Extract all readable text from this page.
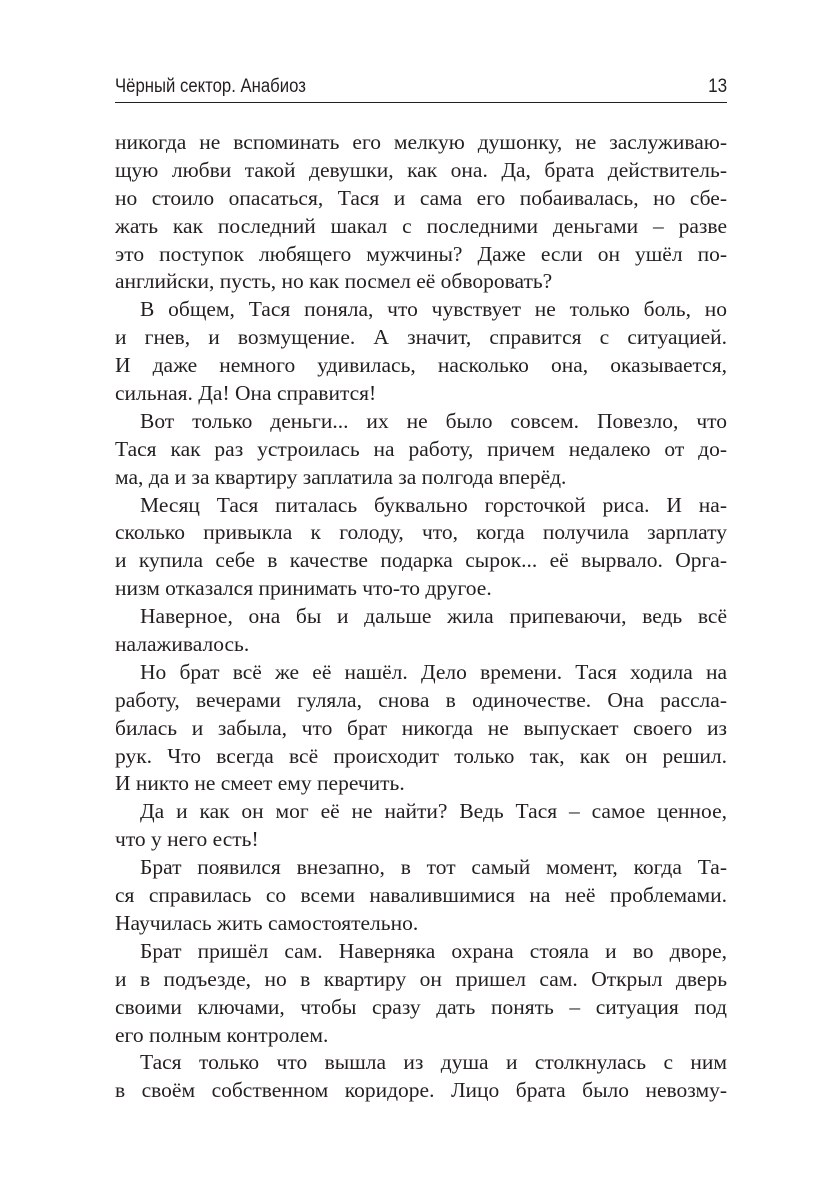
Чёрный сектор. Анабиоз	13
никогда не вспоминать его мелкую душонку, не заслуживаю-
щую любви такой девушки, как она. Да, брата действитель-
но стоило опасаться, Тася и сама его побаивалась, но сбе-
жать как последний шакал с последними деньгами – разве
это поступок любящего мужчины? Даже если он ушёл по-
английски, пусть, но как посмел её обворовать?
В общем, Тася поняла, что чувствует не только боль, но
и гнев, и возмущение. А значит, справится с ситуацией.
И даже немного удивилась, насколько она, оказывается,
сильная. Да! Она справится!
Вот только деньги... их не было совсем. Повезло, что
Тася как раз устроилась на работу, причем недалеко от до-
ма, да и за квартиру заплатила за полгода вперёд.
Месяц Тася питалась буквально горсточкой риса. И на-
сколько привыкла к голоду, что, когда получила зарплату
и купила себе в качестве подарка сырок... её вырвало. Орга-
низм отказался принимать что-то другое.
Наверное, она бы и дальше жила припеваючи, ведь всё
налаживалось.
Но брат всё же её нашёл. Дело времени. Тася ходила на
работу, вечерами гуляла, снова в одиночестве. Она рассла-
билась и забыла, что брат никогда не выпускает своего из
рук. Что всегда всё происходит только так, как он решил.
И никто не смеет ему перечить.
Да и как он мог её не найти? Ведь Тася – самое ценное,
что у него есть!
Брат появился внезапно, в тот самый момент, когда Та-
ся справилась со всеми навалившимися на неё проблемами.
Научилась жить самостоятельно.
Брат пришёл сам. Наверняка охрана стояла и во дворе,
и в подъезде, но в квартиру он пришел сам. Открыл дверь
своими ключами, чтобы сразу дать понять – ситуация под
его полным контролем.
Тася только что вышла из душа и столкнулась с ним
в своём собственном коридоре. Лицо брата было невозму-
